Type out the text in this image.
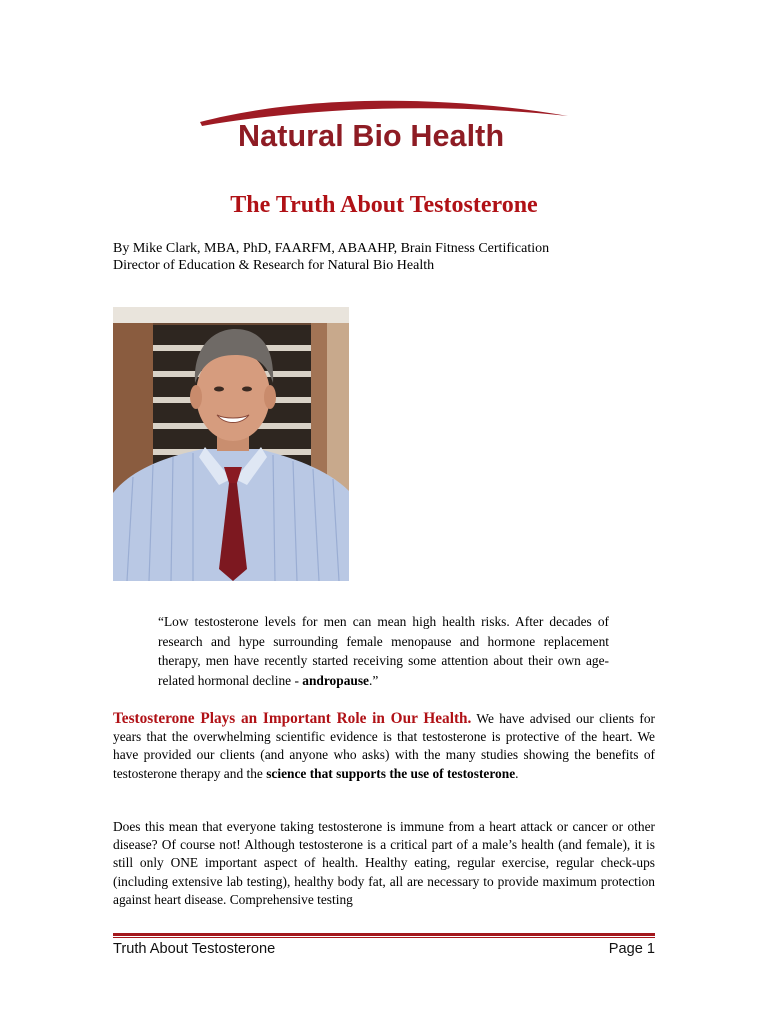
Natural Bio Health
The Truth About Testosterone
By Mike Clark, MBA, PhD, FAARFM, ABAAHP, Brain Fitness Certification
Director of Education & Research for Natural Bio Health

“Low testosterone levels for men can mean high health risks. After decades of research and hype surrounding female menopause and hormone replacement therapy, men have recently started receiving some attention about their own age-related hormonal decline - andropause.”

Testosterone Plays an Important Role in Our Health. We have advised our clients for years that the overwhelming scientific evidence is that testosterone is protective of the heart. We have provided our clients (and anyone who asks) with the many studies showing the benefits of testosterone therapy and the science that supports the use of testosterone.

Does this mean that everyone taking testosterone is immune from a heart attack or cancer or other disease? Of course not! Although testosterone is a critical part of a male’s health (and female), it is still only ONE important aspect of health. Healthy eating, regular exercise, regular check-ups (including extensive lab testing), healthy body fat, all are necessary to provide maximum protection against heart disease. Comprehensive testing

Truth About Testosterone	Page 1
